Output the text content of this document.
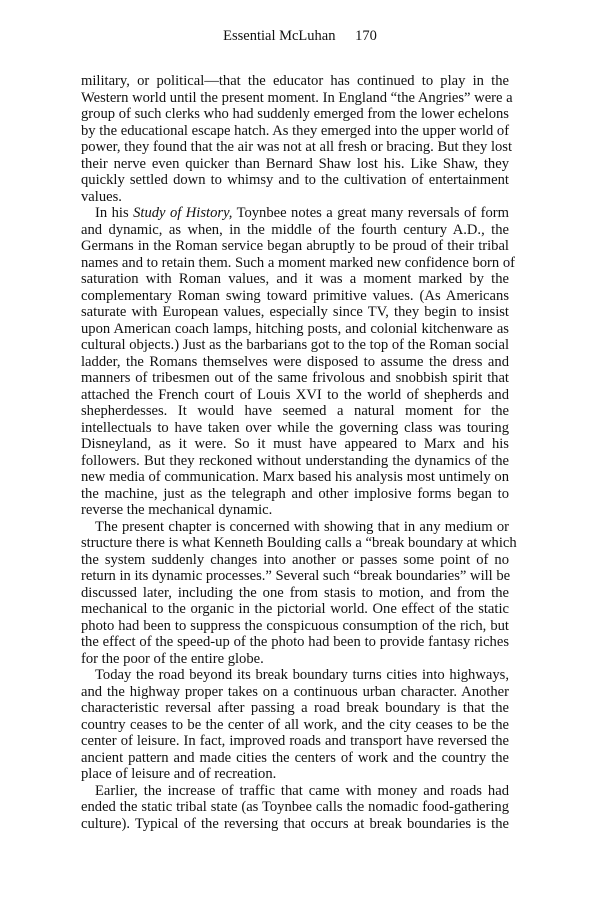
Essential McLuhan 170
military, or political—that the educator has continued to play in the
Western world until the present moment. In England “the Angries” were a
group of such clerks who had suddenly emerged from the lower echelons
by the educational escape hatch. As they emerged into the upper world of
power, they found that the air was not at all fresh or bracing. But they lost
their nerve even quicker than Bernard Shaw lost his. Like Shaw, they
quickly settled down to whimsy and to the cultivation of entertainment
values.
In his Study of History, Toynbee notes a great many reversals of form
and dynamic, as when, in the middle of the fourth century A.D., the
Germans in the Roman service began abruptly to be proud of their tribal
names and to retain them. Such a moment marked new confidence born of
saturation with Roman values, and it was a moment marked by the
complementary Roman swing toward primitive values. (As Americans
saturate with European values, especially since TV, they begin to insist
upon American coach lamps, hitching posts, and colonial kitchenware as
cultural objects.) Just as the barbarians got to the top of the Roman social
ladder, the Romans themselves were disposed to assume the dress and
manners of tribesmen out of the same frivolous and snobbish spirit that
attached the French court of Louis XVI to the world of shepherds and
shepherdesses. It would have seemed a natural moment for the
intellectuals to have taken over while the governing class was touring
Disneyland, as it were. So it must have appeared to Marx and his
followers. But they reckoned without understanding the dynamics of the
new media of communication. Marx based his analysis most untimely on
the machine, just as the telegraph and other implosive forms began to
reverse the mechanical dynamic.
The present chapter is concerned with showing that in any medium or
structure there is what Kenneth Boulding calls a “break boundary at which
the system suddenly changes into another or passes some point of no
return in its dynamic processes.” Several such “break boundaries” will be
discussed later, including the one from stasis to motion, and from the
mechanical to the organic in the pictorial world. One effect of the static
photo had been to suppress the conspicuous consumption of the rich, but
the effect of the speed-up of the photo had been to provide fantasy riches
for the poor of the entire globe.
Today the road beyond its break boundary turns cities into highways,
and the highway proper takes on a continuous urban character. Another
characteristic reversal after passing a road break boundary is that the
country ceases to be the center of all work, and the city ceases to be the
center of leisure. In fact, improved roads and transport have reversed the
ancient pattern and made cities the centers of work and the country the
place of leisure and of recreation.
Earlier, the increase of traffic that came with money and roads had
ended the static tribal state (as Toynbee calls the nomadic food-gathering
culture). Typical of the reversing that occurs at break boundaries is the
